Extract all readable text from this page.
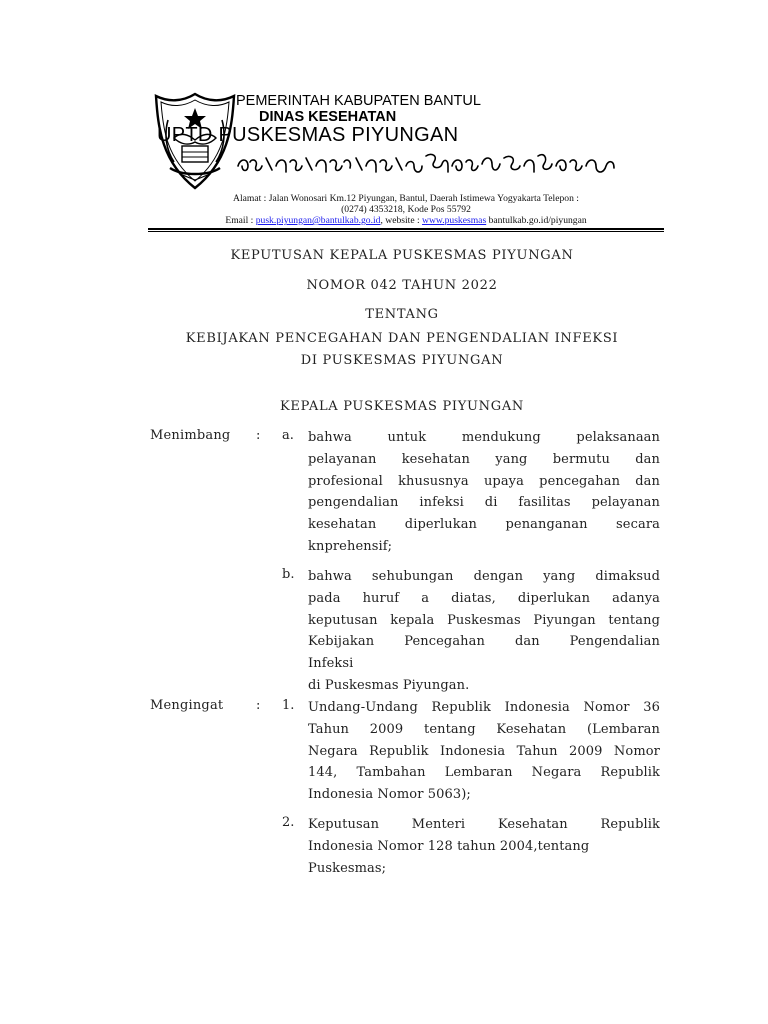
PEMERINTAH KABUPATEN BANTUL
DINAS KESEHATAN
UPTD PUSKESMAS PIYUNGAN
Alamat : Jalan Wonosari Km.12 Piyungan, Bantul, Daerah Istimewa Yogyakarta Telepon :
(0274) 4353218, Kode Pos 55792
Email : pusk.piyungan@bantulkab.go.id, website : www.puskesmas bantulkab.go.id/piyungan
KEPUTUSAN KEPALA PUSKESMAS PIYUNGAN
NOMOR 042 TAHUN 2022
TENTANG
KEBIJAKAN PENCEGAHAN DAN PENGENDALIAN INFEKSI
DI PUSKESMAS PIYUNGAN
KEPALA PUSKESMAS PIYUNGAN
Menimbang : a. bahwa untuk mendukung pelaksanaan
pelayanan kesehatan yang bermutu dan
profesional khususnya upaya pencegahan dan
pengendalian infeksi di fasilitas pelayanan
kesehatan diperlukan penanganan secara
knprehensif;
b. bahwa sehubungan dengan yang dimaksud
pada huruf a diatas, diperlukan adanya
keputusan kepala Puskesmas Piyungan tentang
Kebijakan Pencegahan dan Pengendalian
Infeksi
di Puskesmas Piyungan.
Mengingat	: 1. Undang-Undang Republik Indonesia Nomor 36
Tahun 2009 tentang Kesehatan (Lembaran
Negara Republik Indonesia Tahun 2009 Nomor
144, Tambahan Lembaran Negara Republik
Indonesia Nomor 5063);
2. Keputusan Menteri Kesehatan Republik
Indonesia Nomor 128 tahun 2004,tentang
Puskesmas;
